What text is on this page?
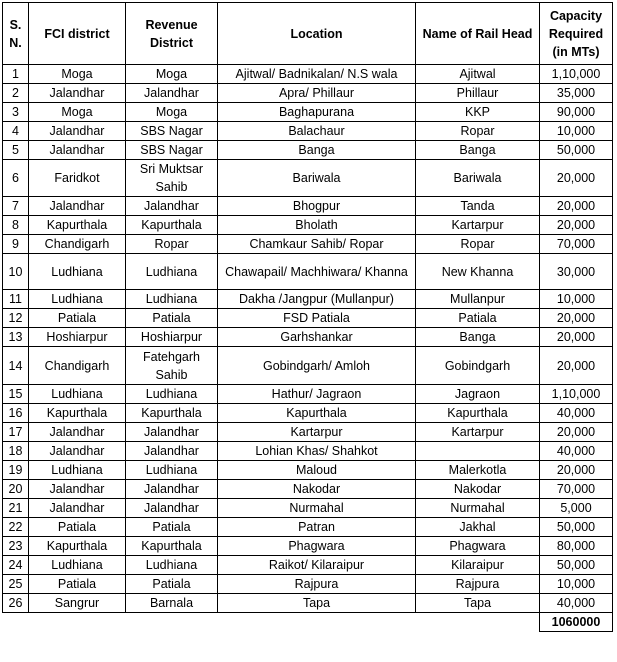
S. N.	FCI district	Revenue District	Location	Name of Rail Head	Capacity Required (in MTs)
1	Moga	Moga	Ajitwal/ Badnikalan/ N.S wala	Ajitwal	1,10,000
2	Jalandhar	Jalandhar	Apra/ Phillaur	Phillaur	35,000
3	Moga	Moga	Baghapurana	KKP	90,000
4	Jalandhar	SBS Nagar	Balachaur	Ropar	10,000
5	Jalandhar	SBS Nagar	Banga	Banga	50,000
6	Faridkot	Sri Muktsar Sahib	Bariwala	Bariwala	20,000
7	Jalandhar	Jalandhar	Bhogpur	Tanda	20,000
8	Kapurthala	Kapurthala	Bholath	Kartarpur	20,000
9	Chandigarh	Ropar	Chamkaur Sahib/ Ropar	Ropar	70,000
10	Ludhiana	Ludhiana	Chawapail/ Machhiwara/ Khanna	New Khanna	30,000
11	Ludhiana	Ludhiana	Dakha /Jangpur (Mullanpur)	Mullanpur	10,000
12	Patiala	Patiala	FSD Patiala	Patiala	20,000
13	Hoshiarpur	Hoshiarpur	Garhshankar	Banga	20,000
14	Chandigarh	Fatehgarh Sahib	Gobindgarh/ Amloh	Gobindgarh	20,000
15	Ludhiana	Ludhiana	Hathur/ Jagraon	Jagraon	1,10,000
16	Kapurthala	Kapurthala	Kapurthala	Kapurthala	40,000
17	Jalandhar	Jalandhar	Kartarpur	Kartarpur	20,000
18	Jalandhar	Jalandhar	Lohian Khas/ Shahkot		40,000
19	Ludhiana	Ludhiana	Maloud	Malerkotla	20,000
20	Jalandhar	Jalandhar	Nakodar	Nakodar	70,000
21	Jalandhar	Jalandhar	Nurmahal	Nurmahal	5,000
22	Patiala	Patiala	Patran	Jakhal	50,000
23	Kapurthala	Kapurthala	Phagwara	Phagwara	80,000
24	Ludhiana	Ludhiana	Raikot/ Kilaraipur	Kilaraipur	50,000
25	Patiala	Patiala	Rajpura	Rajpura	10,000
26	Sangrur	Barnala	Tapa	Tapa	40,000
					1060000
